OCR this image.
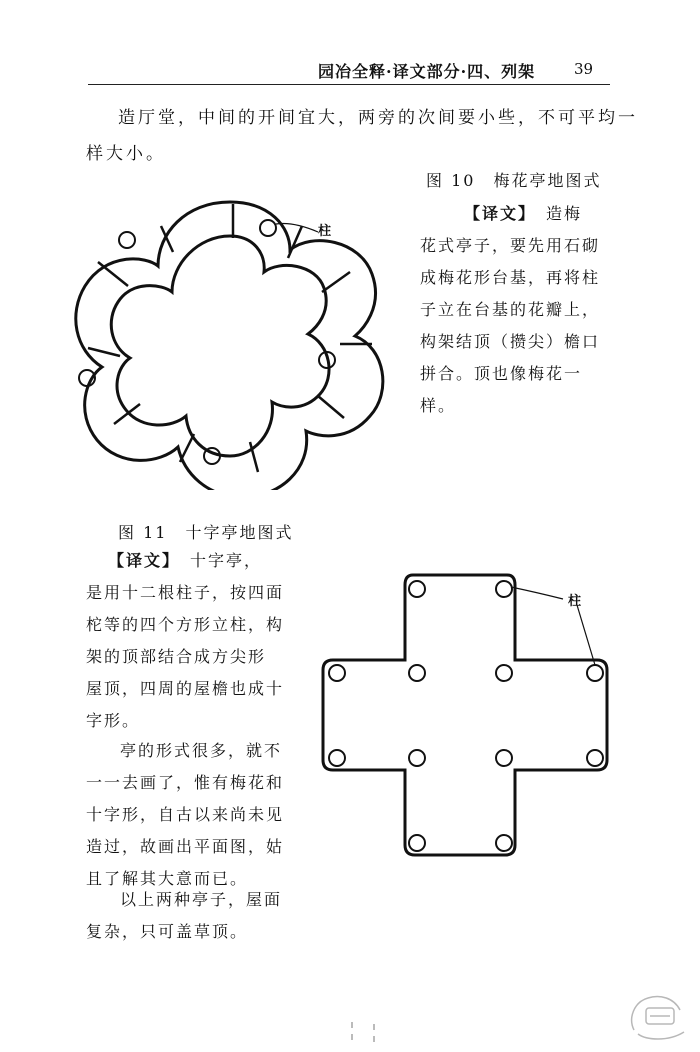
园冶全释·译文部分·四、列架	39
造厅堂，中间的开间宜大，两旁的次间要小些，不可平均一
样大小。
图 10　梅花亭地图式
柱
【译文】　 造梅
花式亭子，要先用石砌
成梅花形台基，再将柱
子立在台基的花瓣上，
构架结顶（攒尖）檐口
拼合。顶也像梅花一
样。
图 11　十字亭地图式
【译文】　 十字亭，
是用十二根柱子，按四面
柁等的四个方形立柱，构
架的顶部结合成方尖形
屋顶，四周的屋檐也成十
字形。
亭的形式很多，就不
一一去画了，惟有梅花和
十字形，自古以来尚未见
造过，故画出平面图，姑
且了解其大意而已。
以上两种亭子，屋面
复杂，只可盖草顶。
柱
